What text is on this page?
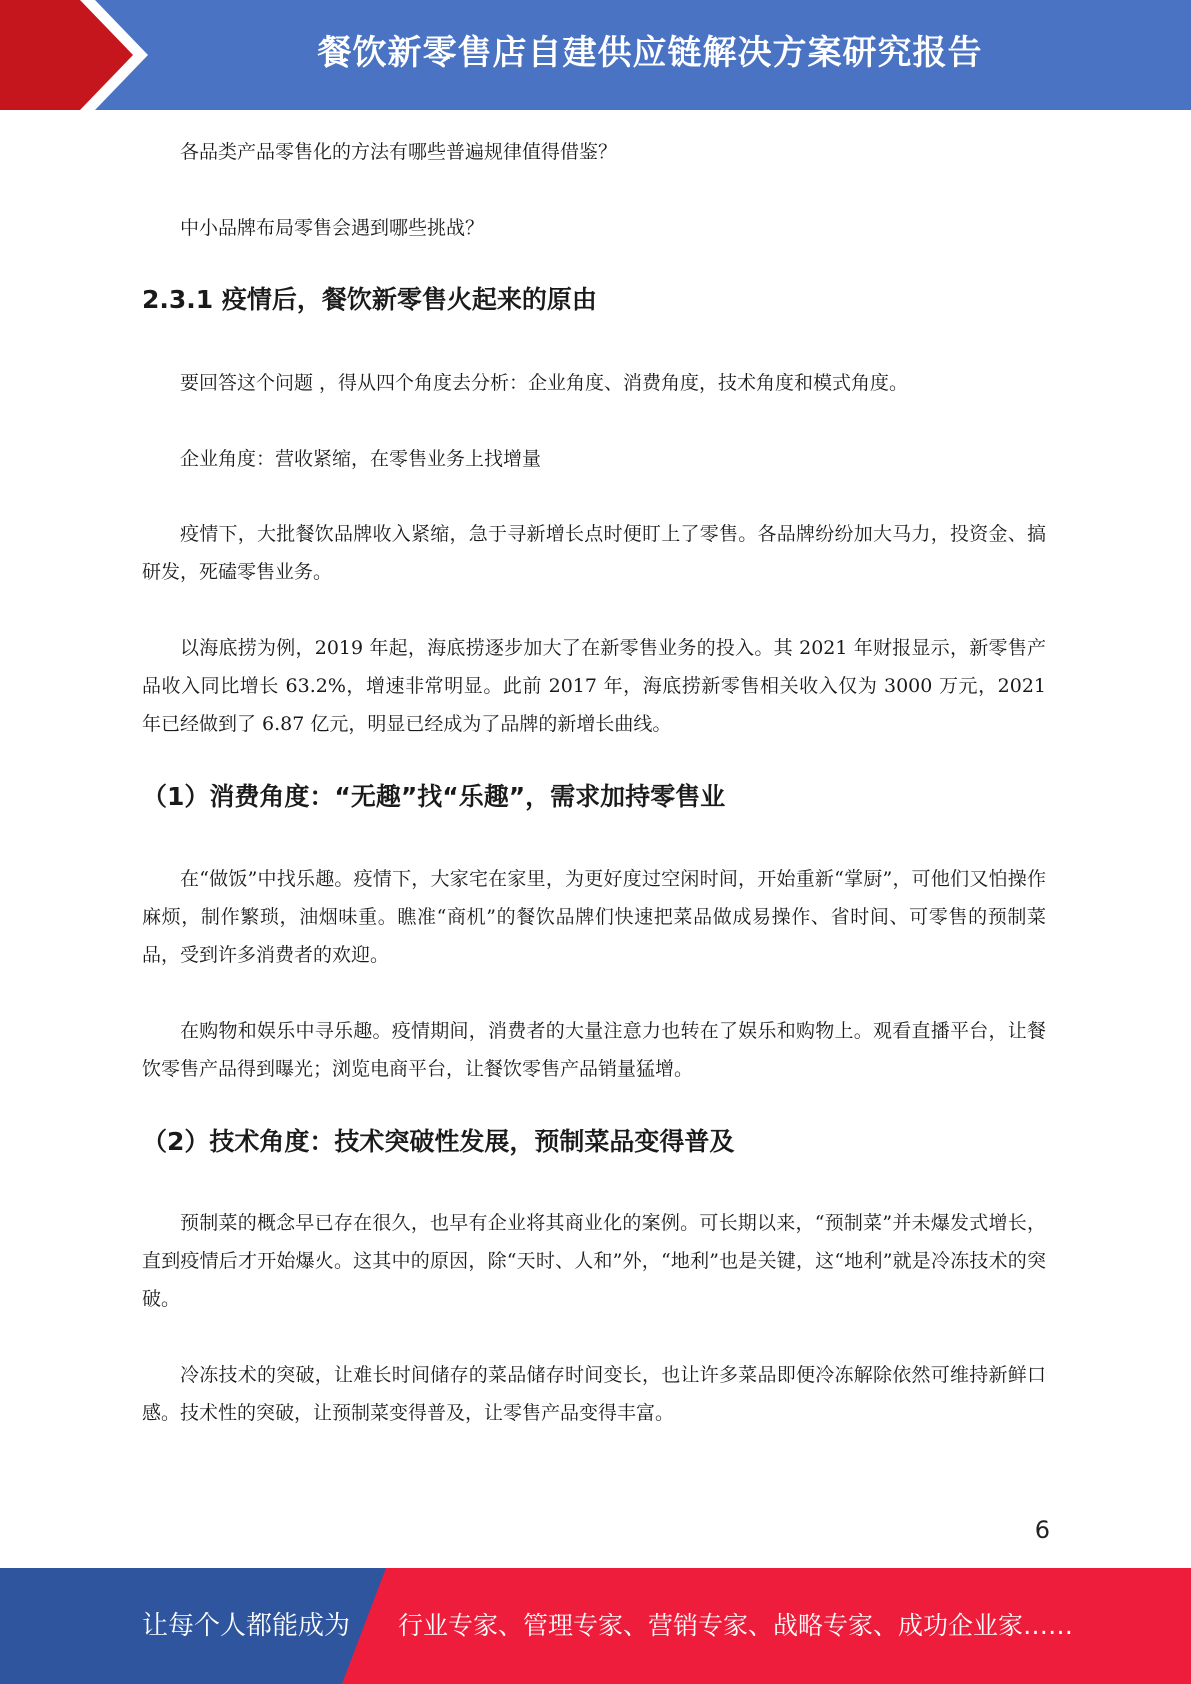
餐饮新零售店自建供应链解决方案研究报告

各品类产品零售化的方法有哪些普遍规律值得借鉴？

中小品牌布局零售会遇到哪些挑战？

2.3.1 疫情后，餐饮新零售火起来的原由

要回答这个问题 ，得从四个角度去分析：企业角度、消费角度，技术角度和模式角度。

企业角度：营收紧缩，在零售业务上找增量

疫情下，大批餐饮品牌收入紧缩，急于寻新增长点时便盯上了零售。各品牌纷纷加大马力，投资金、搞研发，死磕零售业务。

以海底捞为例，2019 年起，海底捞逐步加大了在新零售业务的投入。其 2021 年财报显示，新零售产品收入同比增长 63.2%，增速非常明显。此前 2017 年，海底捞新零售相关收入仅为 3000 万元，2021 年已经做到了 6.87 亿元，明显已经成为了品牌的新增长曲线。

（1）消费角度：“无趣”找“乐趣”，需求加持零售业

在“做饭”中找乐趣。疫情下，大家宅在家里，为更好度过空闲时间，开始重新“掌厨”，可他们又怕操作麻烦，制作繁琐，油烟味重。瞧准“商机”的餐饮品牌们快速把菜品做成易操作、省时间、可零售的预制菜品，受到许多消费者的欢迎。

在购物和娱乐中寻乐趣。疫情期间，消费者的大量注意力也转在了娱乐和购物上。观看直播平台，让餐饮零售产品得到曝光；浏览电商平台，让餐饮零售产品销量猛增。

（2）技术角度：技术突破性发展，预制菜品变得普及

预制菜的概念早已存在很久，也早有企业将其商业化的案例。可长期以来，“预制菜”并未爆发式增长，直到疫情后才开始爆火。这其中的原因，除“天时、人和”外，“地利”也是关键，这“地利”就是冷冻技术的突破。

冷冻技术的突破，让难长时间储存的菜品储存时间变长，也让许多菜品即便冷冻解除依然可维持新鲜口感。技术性的突破，让预制菜变得普及，让零售产品变得丰富。

6
让每个人都能成为 行业专家、管理专家、营销专家、战略专家、成功企业家……
